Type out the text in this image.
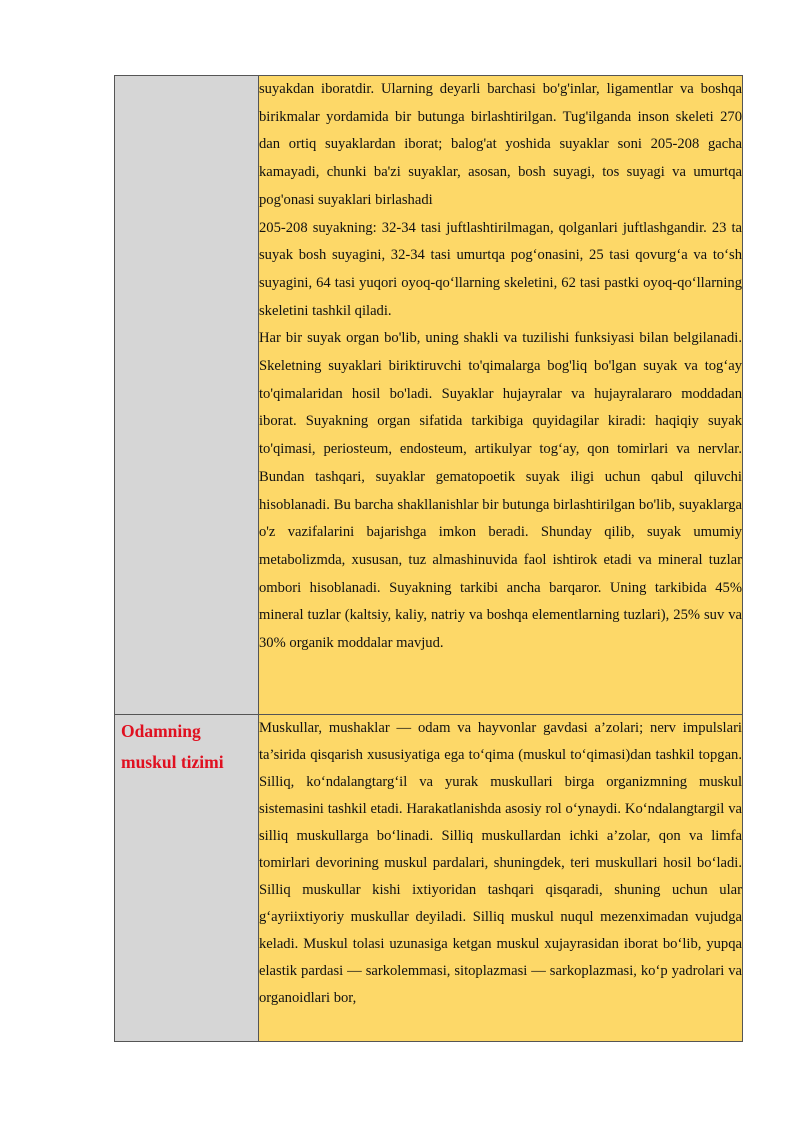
	suyakdan iboratdir. Ularning deyarli barchasi bo'g'inlar, ligamentlar va boshqa birikmalar yordamida bir butunga birlashtirilgan. Tug'ilganda inson skeleti 270 dan ortiq suyaklardan iborat; balog'at yoshida suyaklar soni 205-208 gacha kamayadi, chunki ba'zi suyaklar, asosan, bosh suyagi, tos suyagi va umurtqa pog'onasi suyaklari birlashadi

205-208 suyakning: 32-34 tasi juftlashtirilmagan, qolganlari juftlashgandir. 23 ta suyak bosh suyagini, 32-34 tasi umurtqa pog‘onasini, 25 tasi qovurg‘a va to‘sh suyagini, 64 tasi yuqori oyoq-qo‘llarning skeletini, 62 tasi pastki oyoq-qo‘llarning skeletini tashkil qiladi.

Har bir suyak organ bo'lib, uning shakli va tuzilishi funksiyasi bilan belgilanadi. Skeletning suyaklari biriktiruvchi to'qimalarga bog'liq bo'lgan suyak va tog‘ay to'qimalaridan hosil bo'ladi. Suyaklar hujayralar va hujayralararo moddadan iborat. Suyakning organ sifatida tarkibiga quyidagilar kiradi: haqiqiy suyak to'qimasi, periosteum, endosteum, artikulyar tog‘ay, qon tomirlari va nervlar. Bundan tashqari, suyaklar gematopoetik suyak iligi uchun qabul qiluvchi hisoblanadi. Bu barcha shakllanishlar bir butunga birlashtirilgan bo'lib, suyaklarga o'z vazifalarini bajarishga imkon beradi. Shunday qilib, suyak umumiy metabolizmda, xususan, tuz almashinuvida faol ishtirok etadi va mineral tuzlar ombori hisoblanadi. Suyakning tarkibi ancha barqaror. Uning tarkibida 45% mineral tuzlar (kaltsiy, kaliy, natriy va boshqa elementlarning tuzlari), 25% suv va 30% organik moddalar mavjud.

Odamning muskul tizimi	Muskullar, mushaklar — odam va hayvonlar gavdasi a’zolari; nerv impulslari ta’sirida qisqarish xususiyatiga ega to‘qima (muskul to‘qimasi)dan tashkil topgan. Silliq, ko‘ndalangtarg‘il va yurak muskullari birga organizmning muskul sistemasini tashkil etadi. Harakatlanishda asosiy rol o‘ynaydi. Ko‘ndalangtargil va silliq muskullarga bo‘linadi. Silliq muskullardan ichki a’zolar, qon va limfa tomirlari devorining muskul pardalari, shuningdek, teri muskullari hosil bo‘ladi. Silliq muskullar kishi ixtiyoridan tashqari qisqaradi, shuning uchun ular g‘ayriixtiyoriy muskullar deyiladi. Silliq muskul nuqul mezenximadan vujudga keladi. Muskul tolasi uzunasiga ketgan muskul xujayrasidan iborat bo‘lib, yupqa elastik pardasi — sarkolemmasi, sitoplazmasi — sarkoplazmasi, ko‘p yadrolari va organoidlari bor,
